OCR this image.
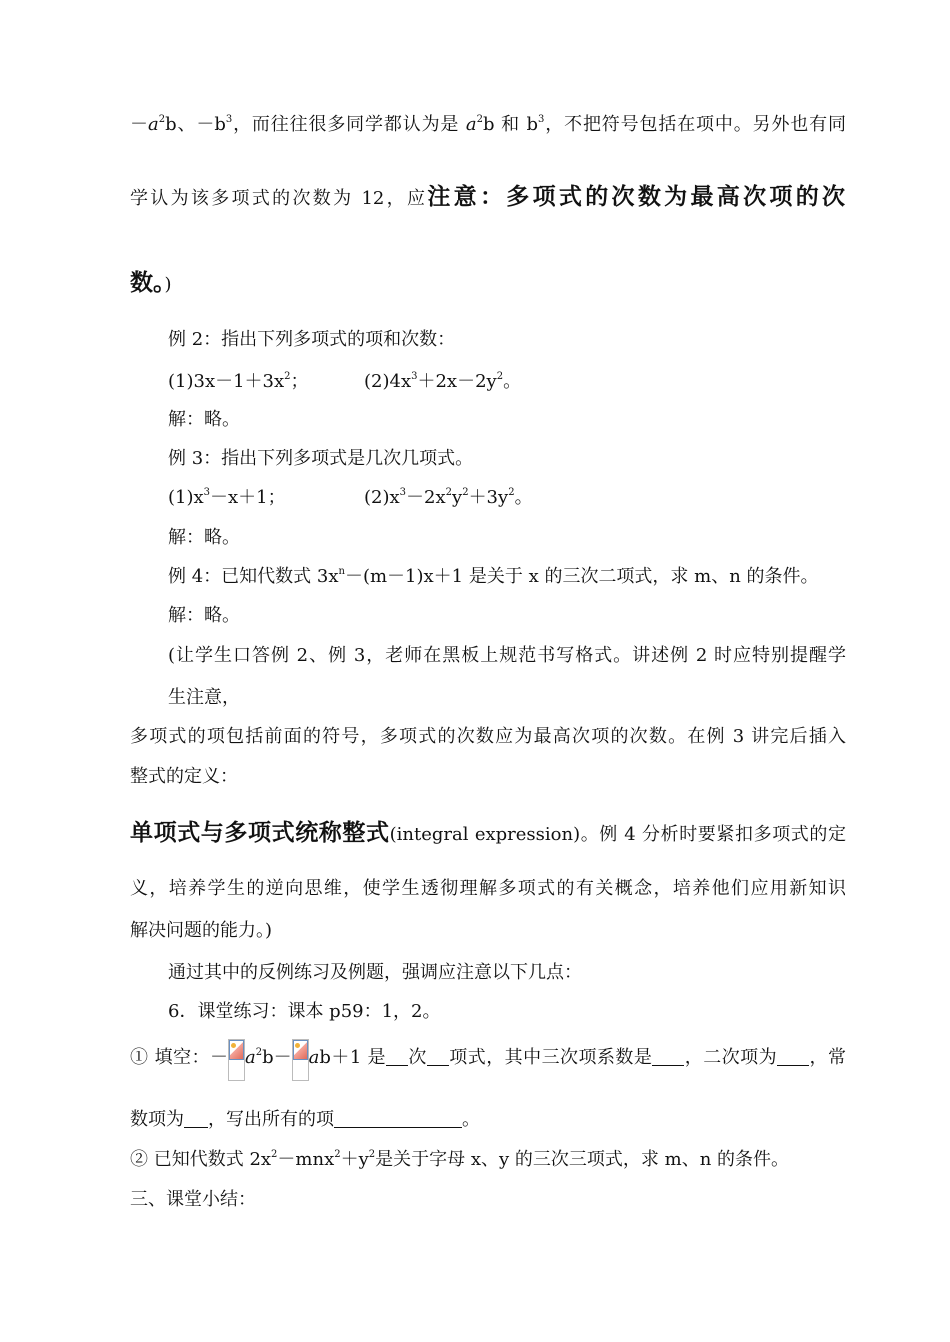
$-a^2b$、$-b^3$，而往往很多同学都认为是 $a^2b$ 和 $b^3$，不把符号包括在项中。另外也有同
学认为该多项式的次数为 12，应注意：多项式的次数为最高次项的次
数。)
例 2：指出下列多项式的项和次数：
$(1)3x-1+3x^2$；	$(2)4x^3+2x-2y^2$。
解：略。
例 3：指出下列多项式是几次几项式。
$(1)x^3-x+1$；	$(2)x^3-2x^2y^2+3y^2$。
解：略。
例 4：已知代数式 $3x^n-(m-1)x+1$ 是关于 x 的三次二项式，求 m、n 的条件。
解：略。
(让学生口答例 2、例 3，老师在黑板上规范书写格式。讲述例 2 时应特别提醒学
生注意，
多项式的项包括前面的符号，多项式的次数应为最高次项的次数。在例 3 讲完后插入
整式的定义：
单项式与多项式统称整式(integral expression)。例 4 分析时要紧扣多项式的定
义，培养学生的逆向思维，使学生透彻理解多项式的有关概念，培养他们应用新知识
解决问题的能力。)
通过其中的反例练习及例题，强调应注意以下几点：
6．课堂练习：课本 p59：1，2。
① 填空：－ $a^2b- ab+1$ 是 次 项式，其中三次项系数是 ，二次项为 ，常
数项为 ，写出所有的项	。
② 已知代数式 $2x^2-mnx^2+y^2$是关于字母 x、y 的三次三项式，求 m、n 的条件。
三、课堂小结：
